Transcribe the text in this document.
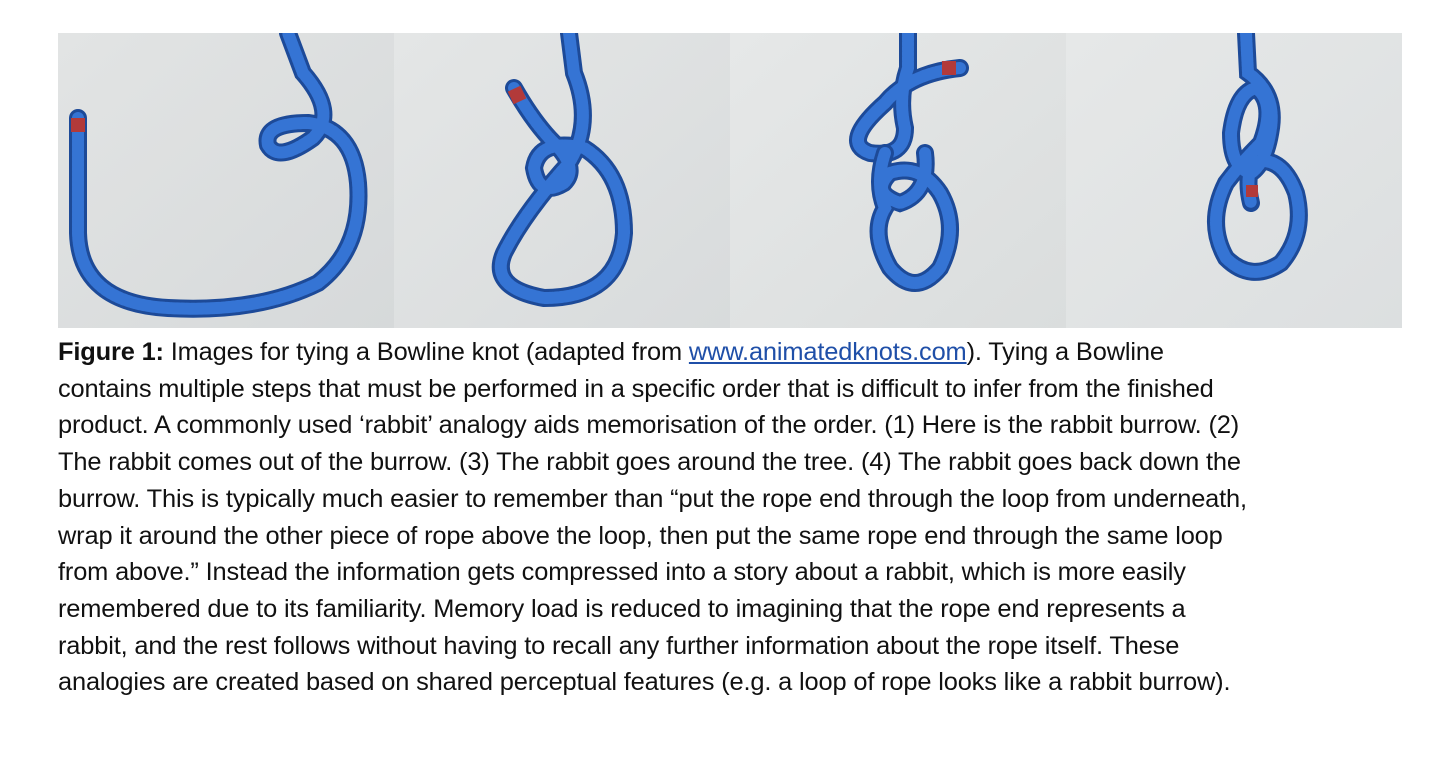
Figure 1: Images for tying a Bowline knot (adapted from www.animatedknots.com). Tying a Bowline
contains multiple steps that must be performed in a specific order that is difficult to infer from the finished
product. A commonly used ‘rabbit’ analogy aids memorisation of the order. (1) Here is the rabbit burrow. (2)
The rabbit comes out of the burrow. (3) The rabbit goes around the tree. (4) The rabbit goes back down the
burrow. This is typically much easier to remember than “put the rope end through the loop from underneath,
wrap it around the other piece of rope above the loop, then put the same rope end through the same loop
from above.” Instead the information gets compressed into a story about a rabbit, which is more easily
remembered due to its familiarity. Memory load is reduced to imagining that the rope end represents a
rabbit, and the rest follows without having to recall any further information about the rope itself. These
analogies are created based on shared perceptual features (e.g. a loop of rope looks like a rabbit burrow).
